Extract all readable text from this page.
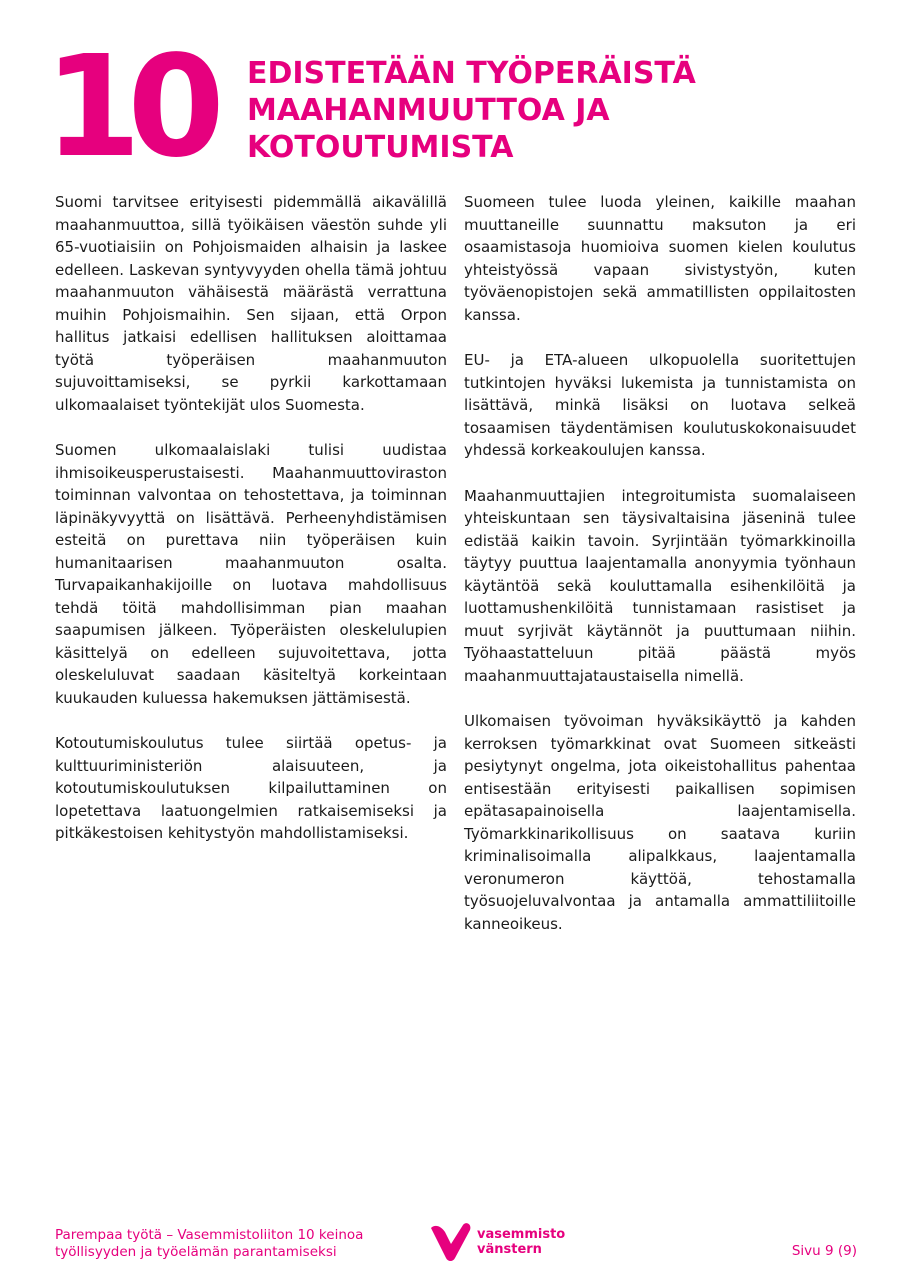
10 EDISTETÄÄN TYÖPERÄISTÄ
MAAHANMUUTTOA JA
KOTOUTUMISTA

Suomi tarvitsee erityisesti pidemmällä aikavälillä maahanmuuttoa, sillä työikäisen väestön suhde yli 65-vuotiaisiin on Pohjoismaiden alhaisin ja laskee edelleen. Laskevan syntyvyyden ohella tämä johtuu maahanmuuton vähäisestä määrästä verrattuna muihin Pohjoismaihin. Sen sijaan, että Orpon hallitus jatkaisi edellisen hallituksen aloittamaa työtä työperäisen maahanmuuton sujuvoittamiseksi, se pyrkii karkottamaan ulkomaalaiset työntekijät ulos Suomesta.

Suomen ulkomaalaislaki tulisi uudistaa ihmisoikeusperustaisesti. Maahanmuuttoviraston toiminnan valvontaa on tehostettava, ja toiminnan läpinäkyvyyttä on lisättävä. Perheenyhdistämisen esteitä on purettava niin työperäisen kuin humanitaarisen maahanmuuton osalta. Turvapaikanhakijoille on luotava mahdollisuus tehdä töitä mahdollisimman pian maahan saapumisen jälkeen. Työperäisten oleskelulupien käsittelyä on edelleen sujuvoitettava, jotta oleskeluluvat saadaan käsiteltyä korkeintaan kuukauden kuluessa hakemuksen jättämisestä.

Kotoutumiskoulutus tulee siirtää opetus- ja kulttuuriministeriön alaisuuteen, ja kotoutumiskoulutuksen kilpailuttaminen on lopetettava laatuongelmien ratkaisemiseksi ja pitkäkestoisen kehitystyön mahdollistamiseksi.

Suomeen tulee luoda yleinen, kaikille maahan muuttaneille suunnattu maksuton ja eri osaamistasoja huomioiva suomen kielen koulutus yhteistyössä vapaan sivistystyön, kuten työväenopistojen sekä ammatillisten oppilaitosten kanssa.

EU- ja ETA-alueen ulkopuolella suoritettujen tutkintojen hyväksi lukemista ja tunnistamista on lisättävä, minkä lisäksi on luotava selkeä tosaamisen täydentämisen koulutuskokonaisuudet yhdessä korkeakoulujen kanssa.

Maahanmuuttajien integroitumista suomalaiseen yhteiskuntaan sen täysivaltaisina jäseninä tulee edistää kaikin tavoin. Syrjintään työmarkkinoilla täytyy puuttua laajentamalla anonyymia työnhaun käytäntöä sekä kouluttamalla esihenkilöitä ja luottamushenkilöitä tunnistamaan rasistiset ja muut syrjivät käytännöt ja puuttumaan niihin. Työhaastatteluun pitää päästä myös maahanmuuttajataustaisella nimellä.

Ulkomaisen työvoiman hyväksikäyttö ja kahden kerroksen työmarkkinat ovat Suomeen sitkeästi pesiytynyt ongelma, jota oikeistohallitus pahentaa entisestään erityisesti paikallisen sopimisen epätasapainoisella laajentamisella. Työmarkkinarikollisuus on saatava kuriin kriminalisoimalla alipalkkaus, laajentamalla veronumeron käyttöä, tehostamalla työsuojeluvalvontaa ja antamalla ammattiliitoille kanneoikeus.

Parempaa työtä – Vasemmistoliiton 10 keinoa
työllisyyden ja työelämän parantamiseksi
vasemmisto
vänstern	Sivu 9 (9)
